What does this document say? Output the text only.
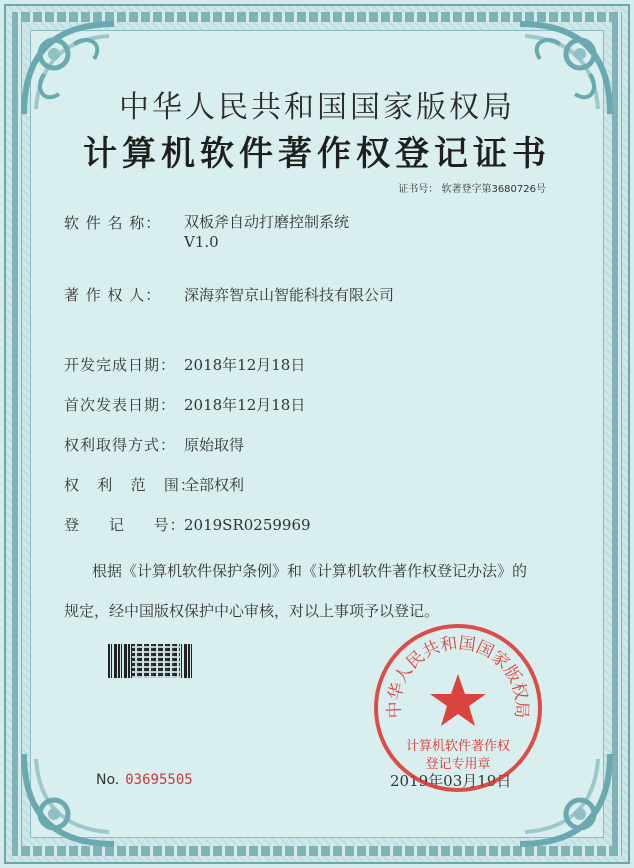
中华人民共和国国家版权局
计算机软件著作权登记证书
证书号： 软著登字第3680726号
软 件 名 称： 双板斧自动打磨控制系统
V1.0
著 作 权 人： 深海弈智京山智能科技有限公司
开发完成日期： 2018年12月18日
首次发表日期： 2018年12月18日
权利取得方式： 原始取得
权   利   范   围：全部权利
登     记     号：2019SR0259969
根据《计算机软件保护条例》和《计算机软件著作权登记办法》的
规定，经中国版权保护中心审核，对以上事项予以登记。
No. 03695505	2019年03月19日
中华人民共和国国家版权局
计算机软件著作权
登记专用章
